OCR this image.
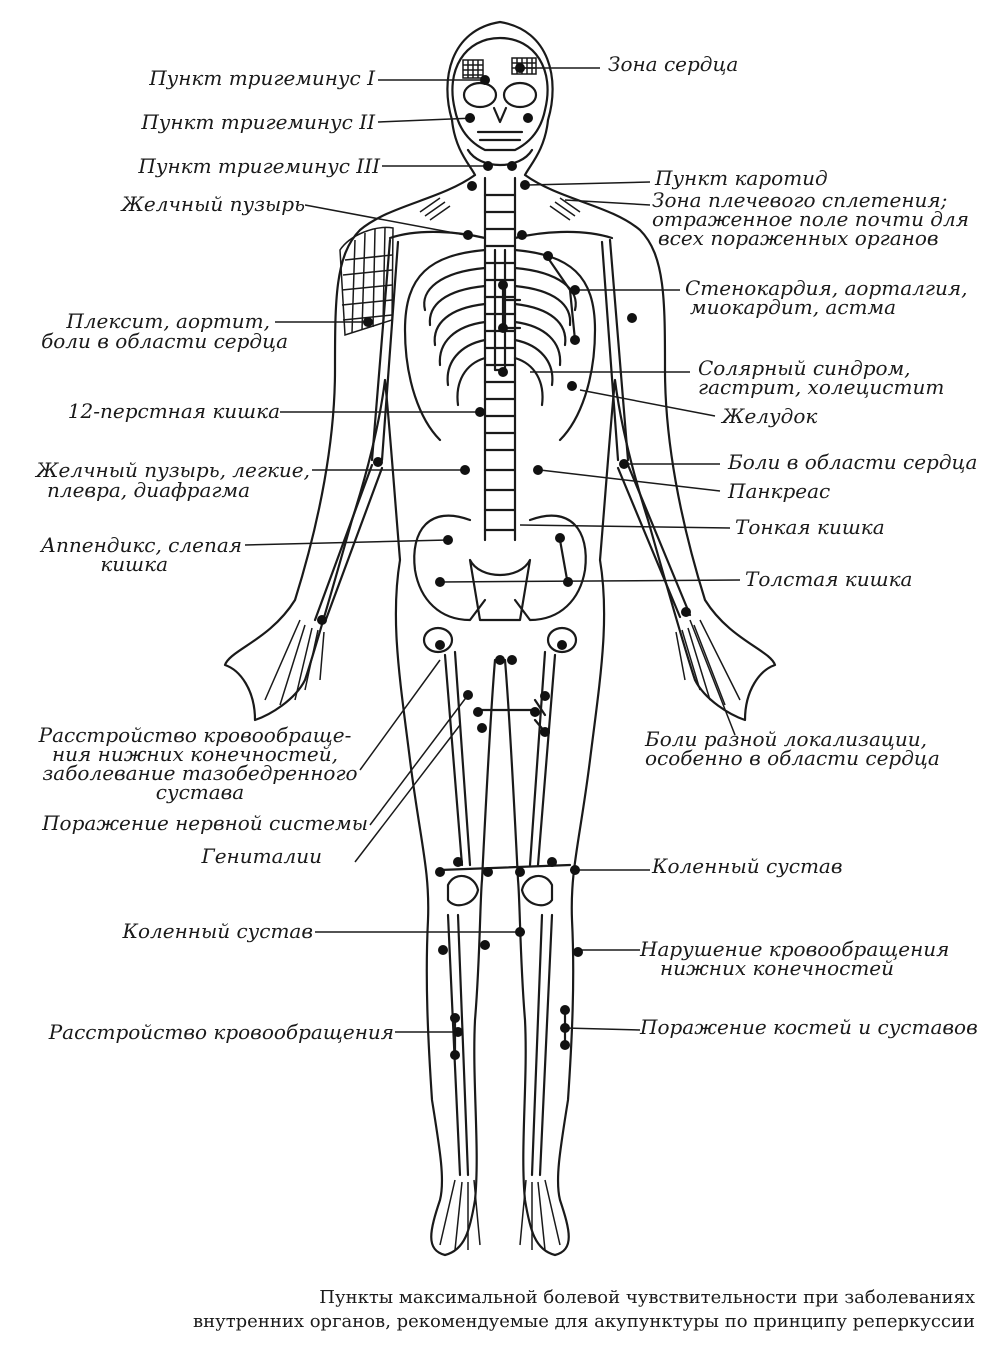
Зона сердца
Пункт тригеминус I
Пункт тригеминус II
Пункт тригеминус III
Желчный пузырь
Пункт каротид
Зона плечевого сплетения;
отраженное поле почти для
всех пораженных органов
Стенокардия, аорталгия,
миокардит, астма
Плексит, аортит,
боли в области сердца
Солярный синдром,
гастрит, холецистит
12-перстная кишка	Желудок
Желчный пузырь, легкие,
плевра, диафрагма
Боли в области сердца
Панкреас
Аппендикс, слепая
кишка
Тонкая кишка
Толстая кишка
Расстройство кровообраще-
ния нижних конечностей,
заболевание тазобедренного
сустава
Боли разной локализации,
особенно в области сердца
Поражение нервной системы
Гениталии	Коленный сустав
Коленный сустав
Нарушение кровообращения
нижних конечностей
Расстройство кровообращения	Поражение костей и суставов
Пункты максимальной болевой чувствительности при заболеваниях
внутренних органов, рекомендуемые для акупунктуры по принципу реперкуссии
